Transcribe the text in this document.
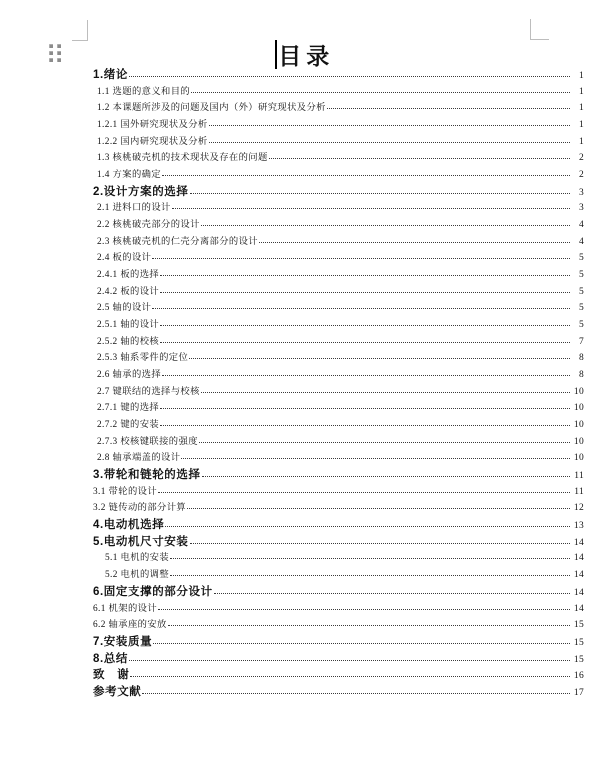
目录
1.绪论	1
1.1 选题的意义和目的	1
1.2 本课题所涉及的问题及国内（外）研究现状及分析	1
1.2.1 国外研究现状及分析	1
1.2.2 国内研究现状及分析	1
1.3 核桃破壳机的技术现状及存在的问题	2
1.4 方案的确定	2
2.设计方案的选择	3
2.1 进料口的设计	3
2.2 核桃破壳部分的设计	4
2.3 核桃破壳机的仁壳分离部分的设计	4
2.4 板的设计	5
2.4.1 板的选择	5
2.4.2 板的设计	5
2.5 轴的设计	5
2.5.1 轴的设计	5
2.5.2 轴的校核	7
2.5.3 轴系零件的定位	8
2.6 轴承的选择	8
2.7 键联结的选择与校核	10
2.7.1 键的选择	10
2.7.2 键的安装	10
2.7.3 校核键联接的强度	10
2.8 轴承端盖的设计	10
3.带轮和链轮的选择	11
3.1 带轮的设计	11
3.2 链传动的部分计算	12
4.电动机选择	13
5.电动机尺寸安装	14
5.1 电机的安装	14
5.2 电机的调整	14
6.固定支撑的部分设计	14
6.1 机架的设计	14
6.2 轴承座的安放	15
7.安装质量	15
8.总结	15
致　谢	16
参考文献	17
